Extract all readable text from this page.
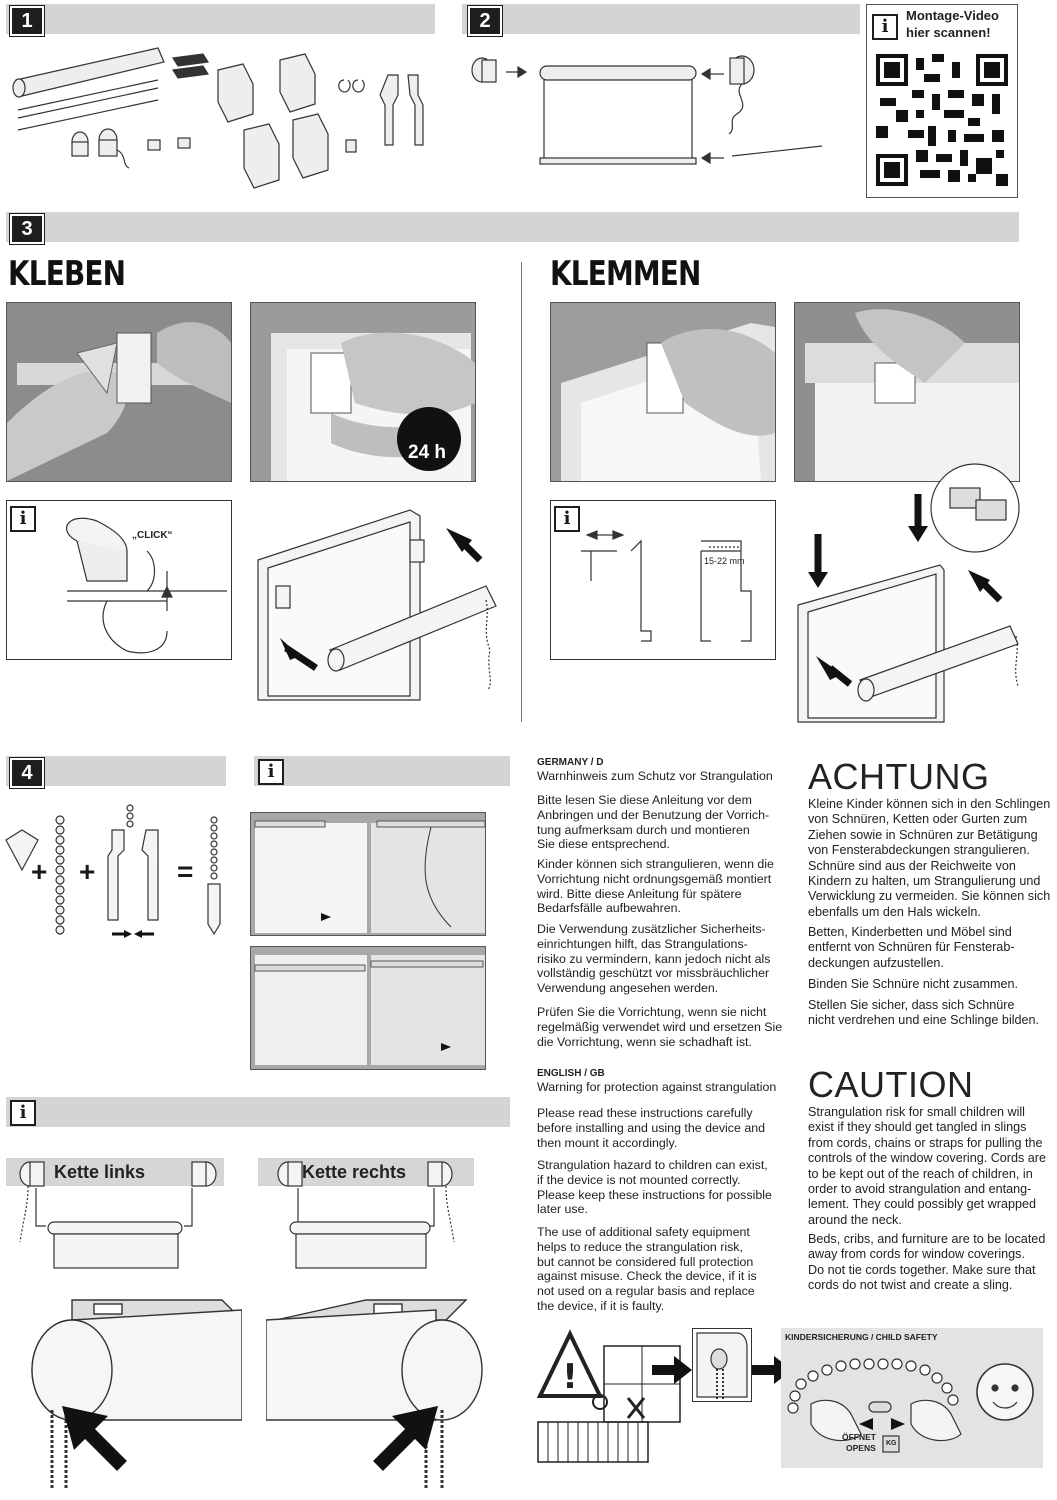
1	2	i
Montage-Video
hier scannen!
3
KLEBEN	KLEMMEN
24 h
i
„CLICK“
i
15-22 mm
4
+ +	=
i
i
Kette links	Kette rechts
GERMANY / D
Warnhinweis zum Schutz vor Strangulation
Bitte lesen Sie diese Anleitung vor dem
Anbringen und der Benutzung der Vorrich-
tung aufmerksam durch und montieren
Sie diese entsprechend.
Kinder können sich strangulieren, wenn die
Vorrichtung nicht ordnungsgemäß montiert
wird. Bitte diese Anleitung für spätere
Bedarfsfälle aufbewahren.
Die Verwendung zusätzlicher Sicherheits-
einrichtungen hilft, das Strangulations-
risiko zu vermindern, kann jedoch nicht als
vollständig geschützt vor missbräuchlicher
Verwendung angesehen werden.
Prüfen Sie die Vorrichtung, wenn sie nicht
regelmäßig verwendet wird und ersetzen Sie
die Vorrichtung, wenn sie schadhaft ist.
ENGLISH / GB
Warning for protection against strangulation
Please read these instructions carefully
before installing and using the device and
then mount it accordingly.
Strangulation hazard to children can exist,
if the device is not mounted correctly.
Please keep these instructions for possible
later use.
The use of additional safety equipment
helps to reduce the strangulation risk,
but cannot be considered full protection
against misuse. Check the device, if it is
not used on a regular basis and replace
the device, if it is faulty.
ACHTUNG
Kleine Kinder können sich in den Schlingen
von Schnüren, Ketten oder Gurten zum
Ziehen sowie in Schnüren zur Betätigung
von Fensterabdeckungen strangulieren.
Schnüre sind aus der Reichweite von
Kindern zu halten, um Strangulierung und
Verwicklung zu vermeiden. Sie können sich
ebenfalls um den Hals wickeln.
Betten, Kinderbetten und Möbel sind
entfernt von Schnüren für Fensterab-
deckungen aufzustellen.
Binden Sie Schnüre nicht zusammen.
Stellen Sie sicher, dass sich Schnüre
nicht verdrehen und eine Schlinge bilden.
CAUTION
Strangulation risk for small children will
exist if they should get tangled in slings
from cords, chains or straps for pulling the
controls of the window covering. Cords are
to be kept out of the reach of children, in
order to avoid strangulation and entang-
lement. They could possibly get wrapped
around the neck.
Beds, cribs, and furniture are to be located
away from cords for window coverings.
Do not tie cords together. Make sure that
cords do not twist and create a sling.
!
KINDERSICHERUNG / CHILD SAFETY
ÖFFNET
OPENS KG
